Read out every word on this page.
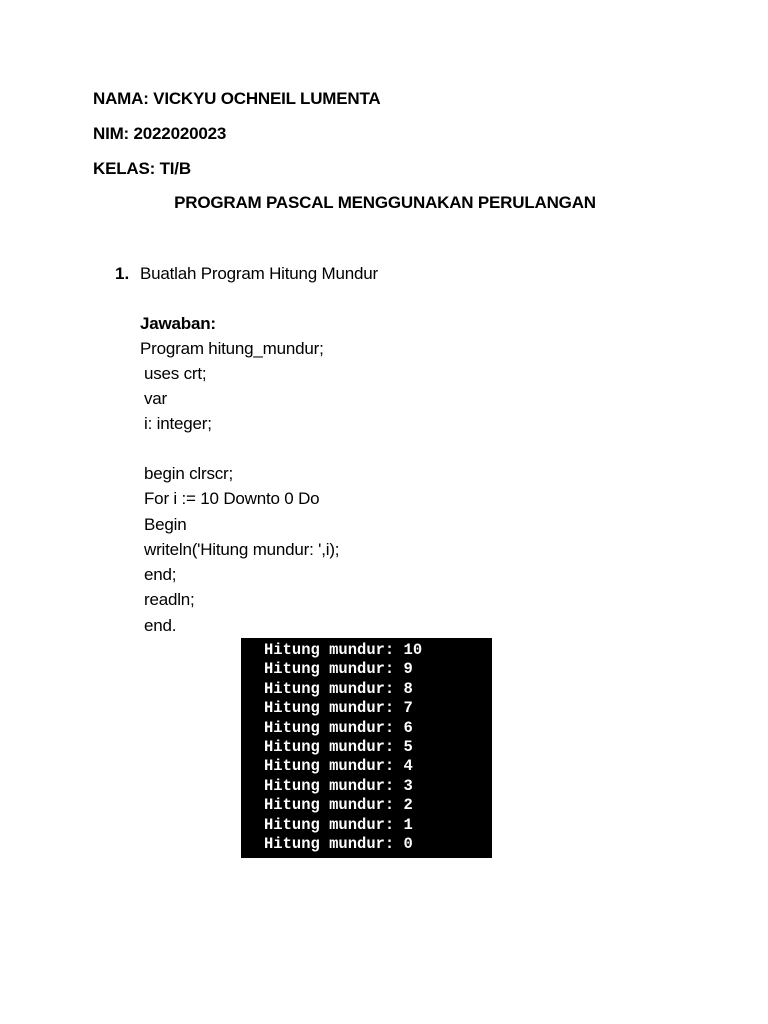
NAMA: VICKYU OCHNEIL LUMENTA
NIM: 2022020023
KELAS: TI/B
PROGRAM PASCAL MENGGUNAKAN PERULANGAN
1. Buatlah Program Hitung Mundur
Jawaban:
Program hitung_mundur;
uses crt;
var
i: integer;
begin clrscr;
For i := 10 Downto 0 Do
Begin
writeln('Hitung mundur: ',i);
end;
readln;
end.
Hitung mundur: 10
Hitung mundur: 9
Hitung mundur: 8
Hitung mundur: 7
Hitung mundur: 6
Hitung mundur: 5
Hitung mundur: 4
Hitung mundur: 3
Hitung mundur: 2
Hitung mundur: 1
Hitung mundur: 0
